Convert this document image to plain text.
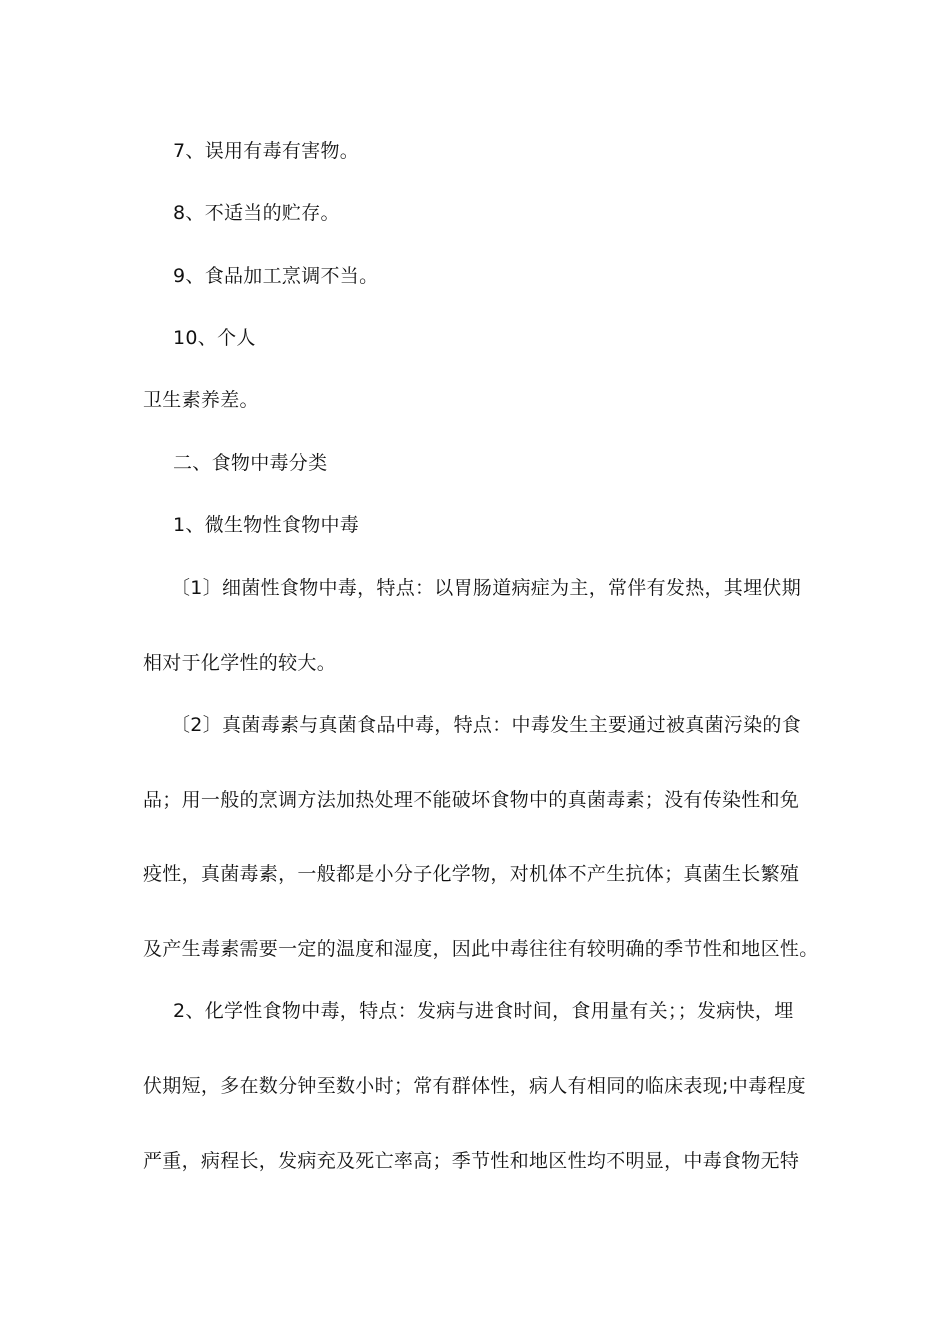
7、误用有毒有害物。
8、不适当的贮存。
9、食品加工烹调不当。
10、个人
卫生素养差。
二、食物中毒分类
1、微生物性食物中毒
〔1〕细菌性食物中毒，特点：以胃肠道病症为主，常伴有发热，其埋伏期
相对于化学性的较大。
〔2〕真菌毒素与真菌食品中毒，特点：中毒发生主要通过被真菌污染的食
品；用一般的烹调方法加热处理不能破坏食物中的真菌毒素；没有传染性和免
疫性，真菌毒素，一般都是小分子化学物，对机体不产生抗体；真菌生长繁殖
及产生毒素需要一定的温度和湿度，因此中毒往往有较明确的季节性和地区性。
2、化学性食物中毒，特点：发病与进食时间，食用量有关；；发病快，埋
伏期短，多在数分钟至数小时；常有群体性，病人有相同的临床表现;中毒程度
严重，病程长，发病充及死亡率高；季节性和地区性均不明显，中毒食物无特
